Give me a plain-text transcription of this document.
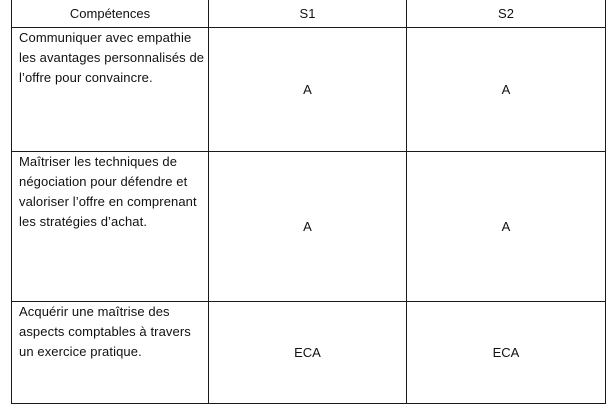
Compétences	S1	S2
Communiquer avec empathie les avantages personnalisés de l’offre pour convaincre.	A	A
Maîtriser les techniques de négociation pour défendre et valoriser l’offre en comprenant les stratégies d’achat.	A	A
Acquérir une maîtrise des aspects comptables à travers un exercice pratique.	ECA	ECA
